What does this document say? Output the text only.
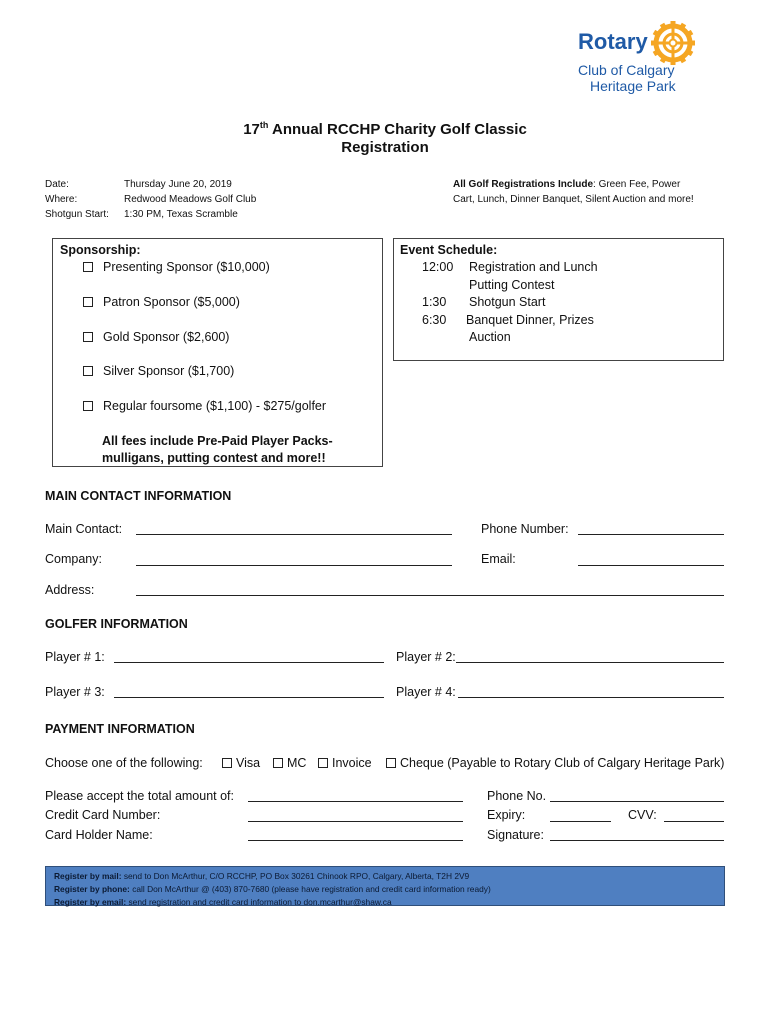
Rotary
Club of Calgary
Heritage Park
17th Annual RCCHP Charity Golf Classic
Registration
Date:	Thursday June 20, 2019
Where:	Redwood Meadows Golf Club
Shotgun Start:	1:30 PM, Texas Scramble
All Golf Registrations Include: Green Fee, Power
Cart, Lunch, Dinner Banquet, Silent Auction and more!
Sponsorship:
Presenting Sponsor ($10,000)
Patron Sponsor ($5,000)
Gold Sponsor ($2,600)
Silver Sponsor ($1,700)
Regular foursome ($1,100) - $275/golfer
All fees include Pre-Paid Player Packs-
mulligans, putting contest and more!!
Event Schedule:
12:00 Registration and Lunch
Putting Contest
1:30 Shotgun Start
6:30 Banquet Dinner, Prizes
Auction
MAIN CONTACT INFORMATION
Main Contact:	Phone Number:
Company:	Email:
Address:
GOLFER INFORMATION
Player # 1:	Player # 2:
Player # 3:	Player # 4:
PAYMENT INFORMATION
Choose one of the following:	Visa	MC	Invoice	Cheque (Payable to Rotary Club of Calgary Heritage Park)
Please accept the total amount of:	Phone No.
Credit Card Number:	Expiry:	CVV:
Card Holder Name:	Signature:
Register by mail: send to Don McArthur, C/O RCCHP, PO Box 30261 Chinook RPO, Calgary, Alberta, T2H 2V9
Register by phone: call Don McArthur @ (403) 870-7680 (please have registration and credit card information ready)
Register by email: send registration and credit card information to don.mcarthur@shaw.ca
